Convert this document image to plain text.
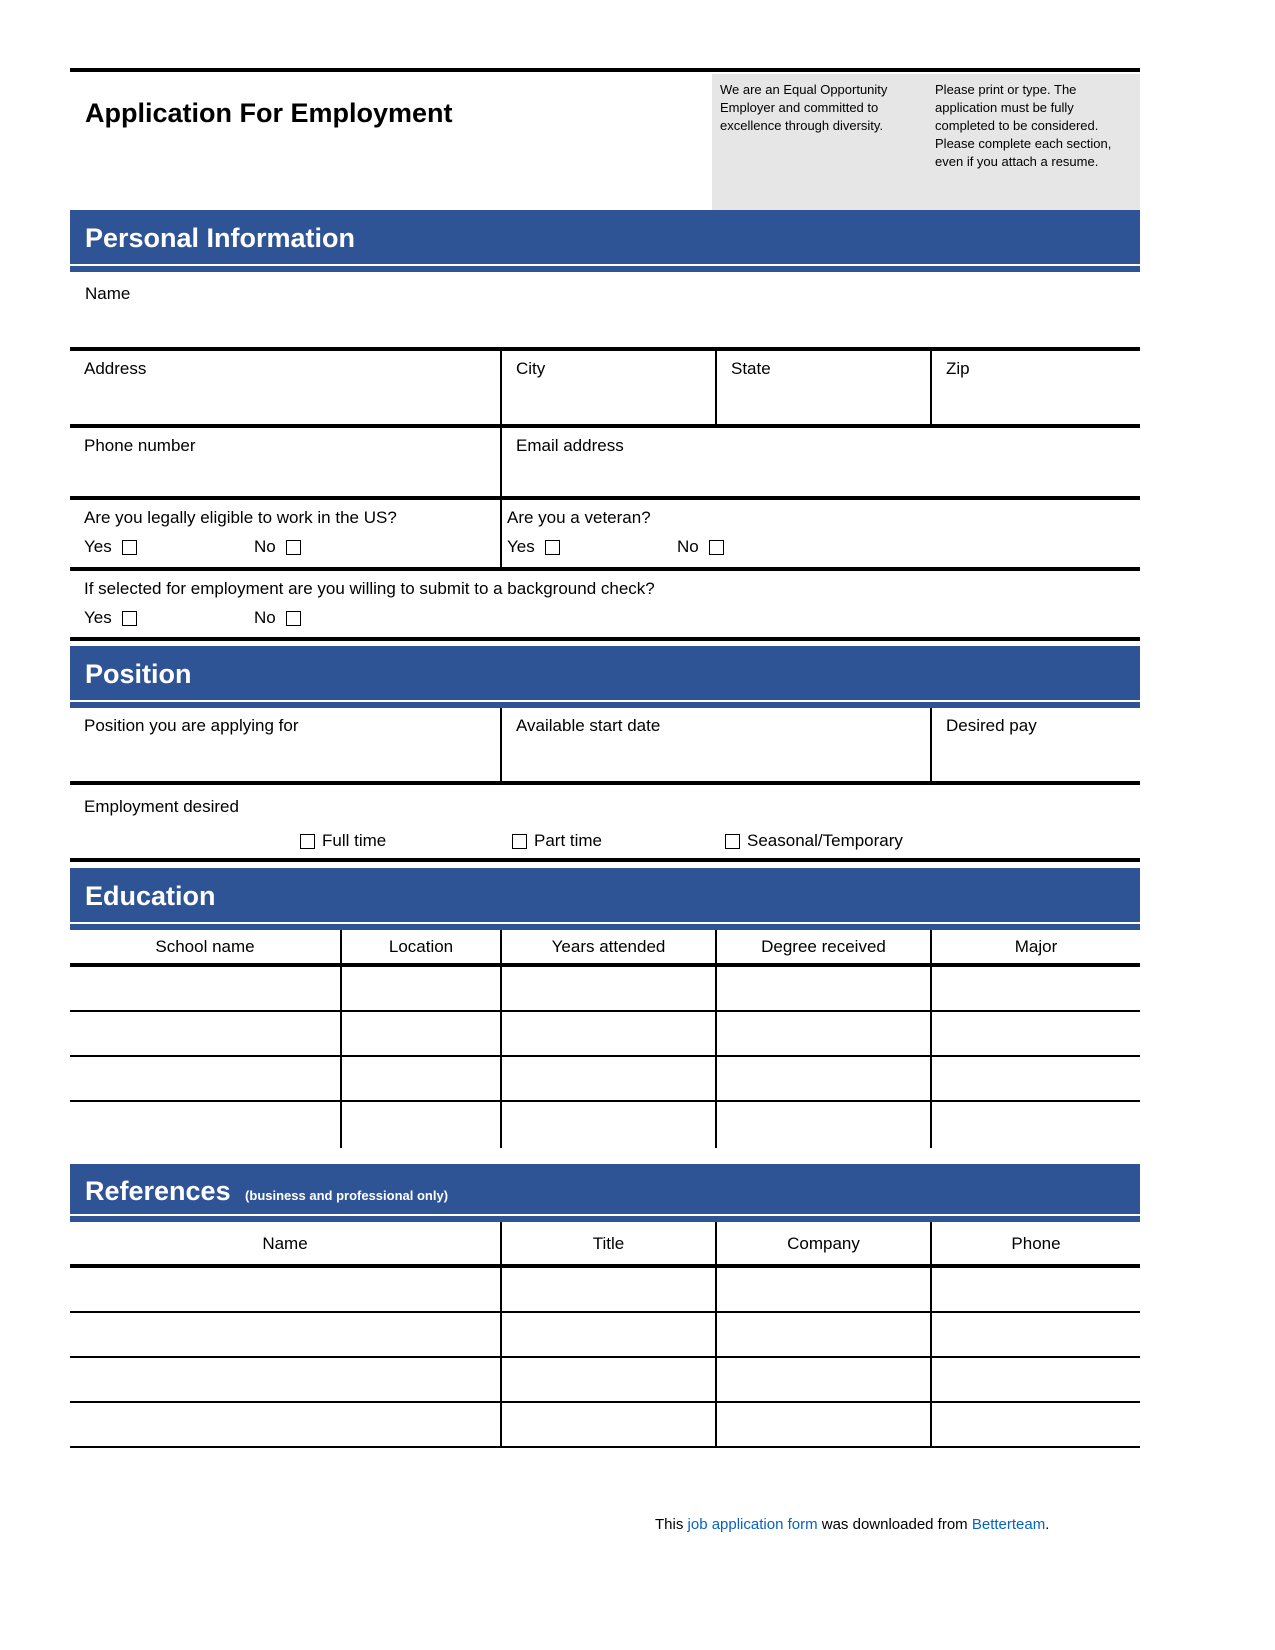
Application For Employment

We are an Equal Opportunity Employer and committed to excellence through diversity.

Please print or type. The application must be fully completed to be considered. Please complete each section, even if you attach a resume.

Personal Information
Name
Address	City	State	Zip
Phone number	Email address
Are you legally eligible to work in the US?
Yes	No
Are you a veteran?
Yes	No
If selected for employment are you willing to submit to a background check?
Yes	No
Position
Position you are applying for	Available start date	Desired pay
Employment desired
Full time	Part time	Seasonal/Temporary
Education
School name	Location	Years attended	Degree received	Major
References (business and professional only)
Name	Title	Company	Phone
This job application form was downloaded from Betterteam.
